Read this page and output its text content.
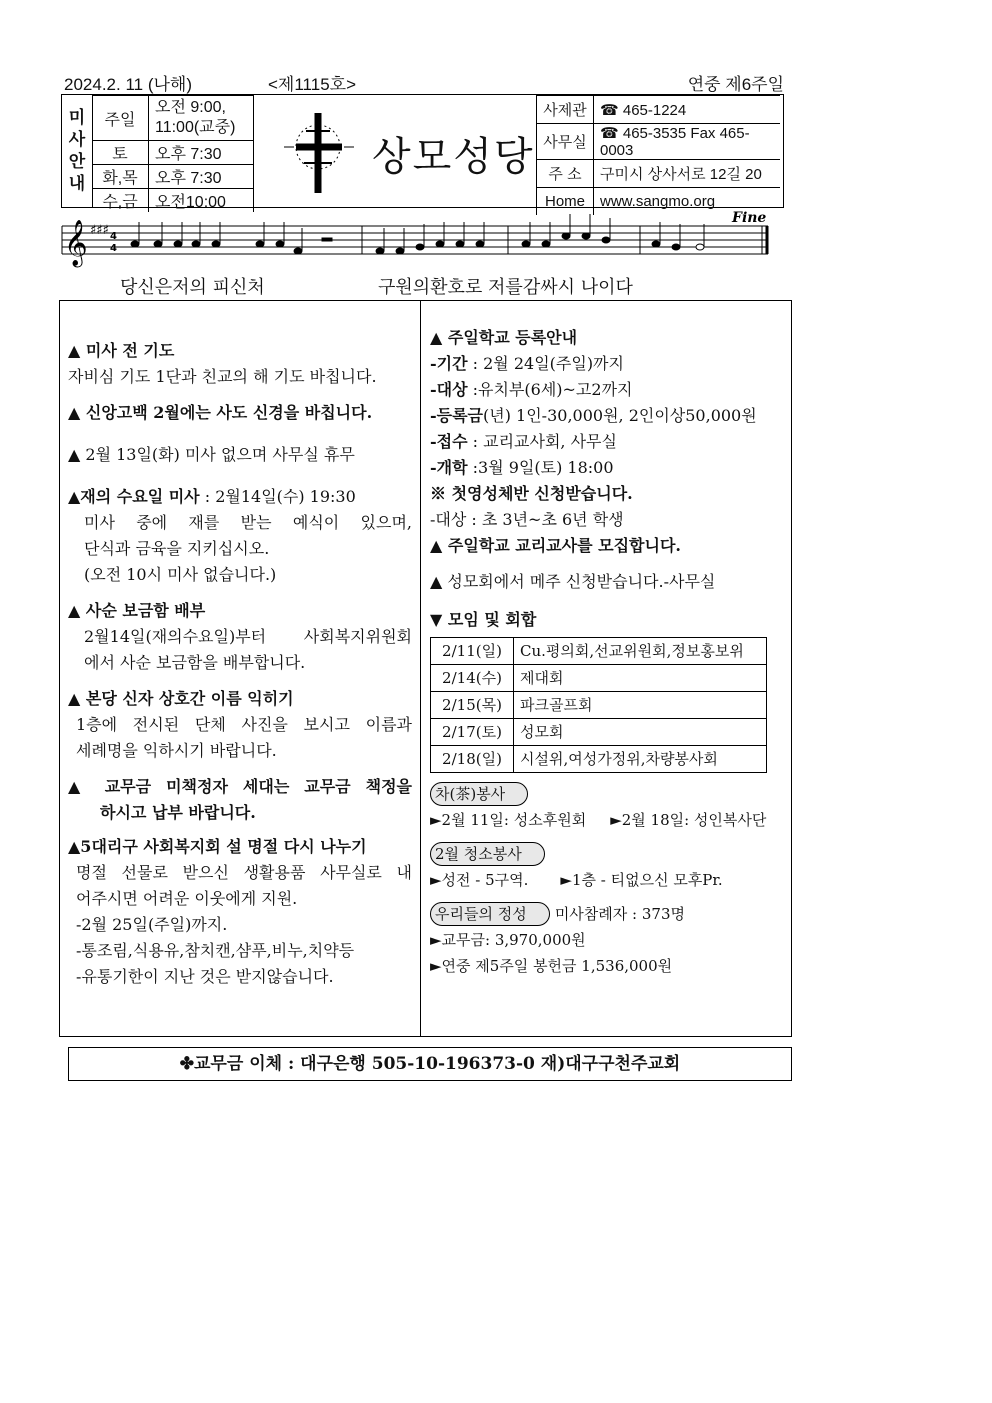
2024.2. 11 (나해)	<제1115호>	연중 제6주일
미
사
안
내
주일	오전 9:00,
11:00(교중)
토	오후 7:30
화,목	오후 7:30
수,금	오전10:00
상모성당
사제관	☎ 465-1224
사무실	☎ 465-3535 Fax 465-0003
주 소	구미시 상사서로 12길 20
Home	www.sangmo.org
𝄞 ♯♯♯ 4
4
Fine
당신은저의 피신처	구원의환호로 저를감싸시 나이다

▲ 미사 전 기도

자비심 기도 1단과 친교의 해 기도 바칩니다.

▲ 신앙고백 2월에는 사도 신경을 바칩니다.

▲ 2월 13일(화) 미사 없으며 사무실 휴무

▲재의 수요일 미사 : 2월14일(수) 19:30

미사 중에 재를 받는 예식이 있으며,

단식과 금육을 지키십시오.

(오전 10시 미사 없습니다.)

▲ 사순 보금함 배부

2월14일(재의수요일)부터 사회복지위원회

에서 사순 보금함을 배부합니다.

▲ 본당 신자 상호간 이름 익히기

1층에 전시된 단체 사진을 보시고 이름과

세례명을 익하시기 바랍니다.

▲ 교무금 미책정자 세대는 교무금 책정을

하시고 납부 바랍니다.

▲5대리구 사회복지회 설 명절 다시 나누기

명절 선물로 받으신 생활용품 사무실로 내

어주시면 어려운 이웃에게 지원.

-2월 25일(주일)까지.

-통조림,식용유,참치캔,샴푸,비누,치약등

-유통기한이 지난 것은 받지않습니다.

▲ 주일학교 등록안내

-기간 : 2월 24일(주일)까지

-대상 :유치부(6세)~고2까지

-등록금(년) 1인-30,000원, 2인이상50,000원

-접수 : 교리교사회, 사무실

-개학 :3월 9일(토) 18:00

※ 첫영성체반 신청받습니다.

-대상 : 초 3년~초 6년 학생

▲ 주일학교 교리교사를 모집합니다.

▲ 성모회에서 메주 신청받습니다.-사무실

▼ 모임 및 회합

2/11(일)	Cu.평의회,선교위원회,정보홍보위
2/14(수)	제대회
2/15(목)	파크골프회
2/17(토)	성모회
2/18(일)	시설위,여성가정위,차량봉사회

차(茶)봉사

►2월 11일: 성소후원회 ►2월 18일: 성인복사단

2월 청소봉사

►성전 - 5구역. ►1층 - 티없으신 모후Pr.

우리들의 정성 미사참례자 : 373명

►교무금: 3,970,000원

►연중 제5주일 봉헌금 1,536,000원

✤교무금 이체 : 대구은행 505-10-196373-0 재)대구구천주교회
